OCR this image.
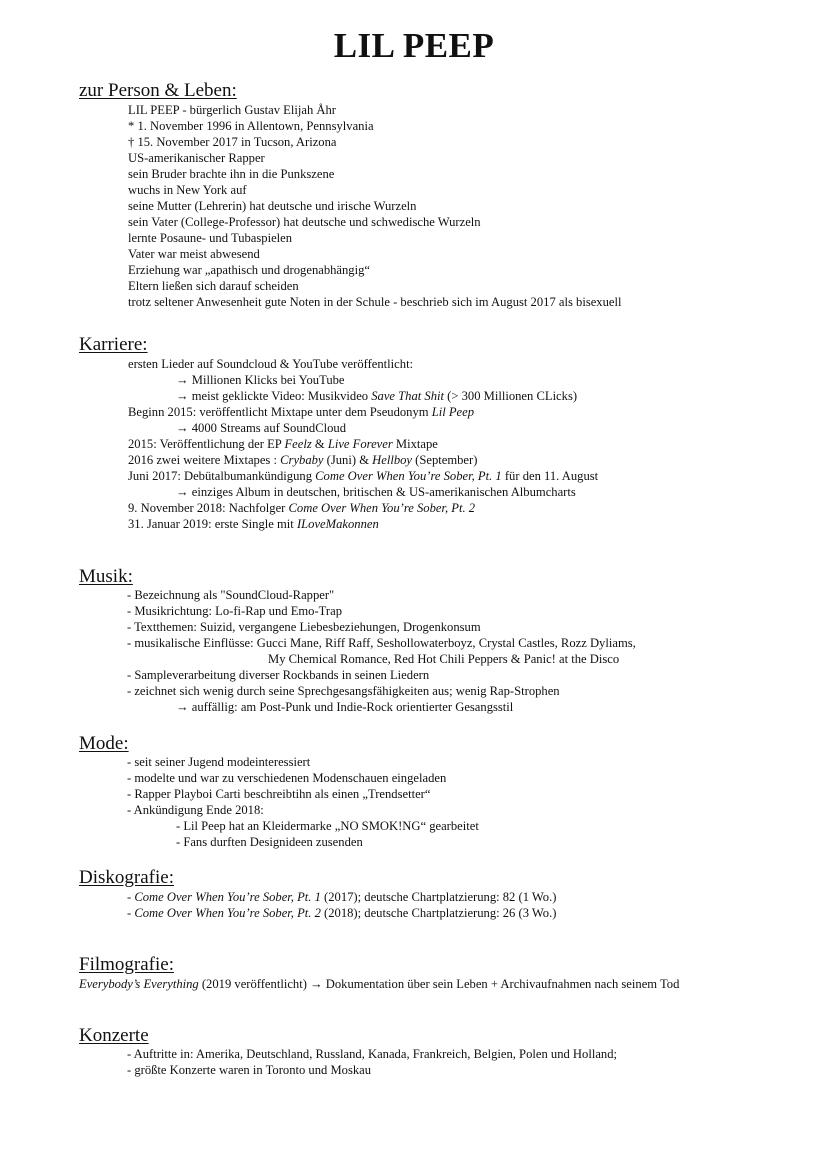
LIL PEEP
zur Person & Leben:
LIL PEEP - bürgerlich Gustav Elijah Åhr
* 1. November 1996 in Allentown, Pennsylvania
† 15. November 2017 in Tucson, Arizona
US-amerikanischer Rapper
sein Bruder brachte ihn in die Punkszene
wuchs in New York auf
seine Mutter (Lehrerin) hat deutsche und irische Wurzeln
sein Vater (College-Professor) hat deutsche und schwedische Wurzeln
lernte Posaune- und Tubaspielen
Vater war meist abwesend
Erziehung war „apathisch und drogenabhängig“
Eltern ließen sich darauf scheiden
trotz seltener Anwesenheit gute Noten in der Schule - beschrieb sich im August 2017 als bisexuell
Karriere:
ersten Lieder auf Soundcloud & YouTube veröffentlicht:
→ Millionen Klicks bei YouTube
→ meist geklickte Video: Musikvideo Save That Shit (> 300 Millionen CLicks)
Beginn 2015: veröffentlicht Mixtape unter dem Pseudonym Lil Peep
→ 4000 Streams auf SoundCloud
2015: Veröffentlichung der EP Feelz & Live Forever Mixtape
2016 zwei weitere Mixtapes : Crybaby (Juni) & Hellboy (September)
Juni 2017: Debütalbumankündigung Come Over When You’re Sober, Pt. 1 für den 11. August
→ einziges Album in deutschen, britischen & US-amerikanischen Albumcharts
9. November 2018: Nachfolger Come Over When You’re Sober, Pt. 2
31. Januar 2019: erste Single mit ILoveMakonnen
Musik:
- Bezeichnung als "SoundCloud-Rapper"
- Musikrichtung: Lo-fi-Rap und Emo-Trap
- Textthemen: Suizid, vergangene Liebesbeziehungen, Drogenkonsum
- musikalische Einflüsse: Gucci Mane, Riff Raff, Seshollowaterboyz, Crystal Castles, Rozz Dyliams,
My Chemical Romance, Red Hot Chili Peppers & Panic! at the Disco
- Sampleverarbeitung diverser Rockbands in seinen Liedern
- zeichnet sich wenig durch seine Sprechgesangsfähigkeiten aus; wenig Rap-Strophen
→ auffällig: am Post-Punk und Indie-Rock orientierter Gesangsstil
Mode:
- seit seiner Jugend modeinteressiert
- modelte und war zu verschiedenen Modenschauen eingeladen
- Rapper Playboi Carti beschreibtihn als einen „Trendsetter“
- Ankündigung Ende 2018:
- Lil Peep hat an Kleidermarke „NO SMOK!NG“ gearbeitet
- Fans durften Designideen zusenden
Diskografie:
- Come Over When You’re Sober, Pt. 1 (2017); deutsche Chartplatzierung: 82 (1 Wo.)
- Come Over When You’re Sober, Pt. 2 (2018); deutsche Chartplatzierung: 26 (3 Wo.)
Filmografie:
Everybody’s Everything (2019 veröffentlicht) → Dokumentation über sein Leben + Archivaufnahmen nach seinem Tod
Konzerte
- Auftritte in: Amerika, Deutschland, Russland, Kanada, Frankreich, Belgien, Polen und Holland;
- größte Konzerte waren in Toronto und Moskau
